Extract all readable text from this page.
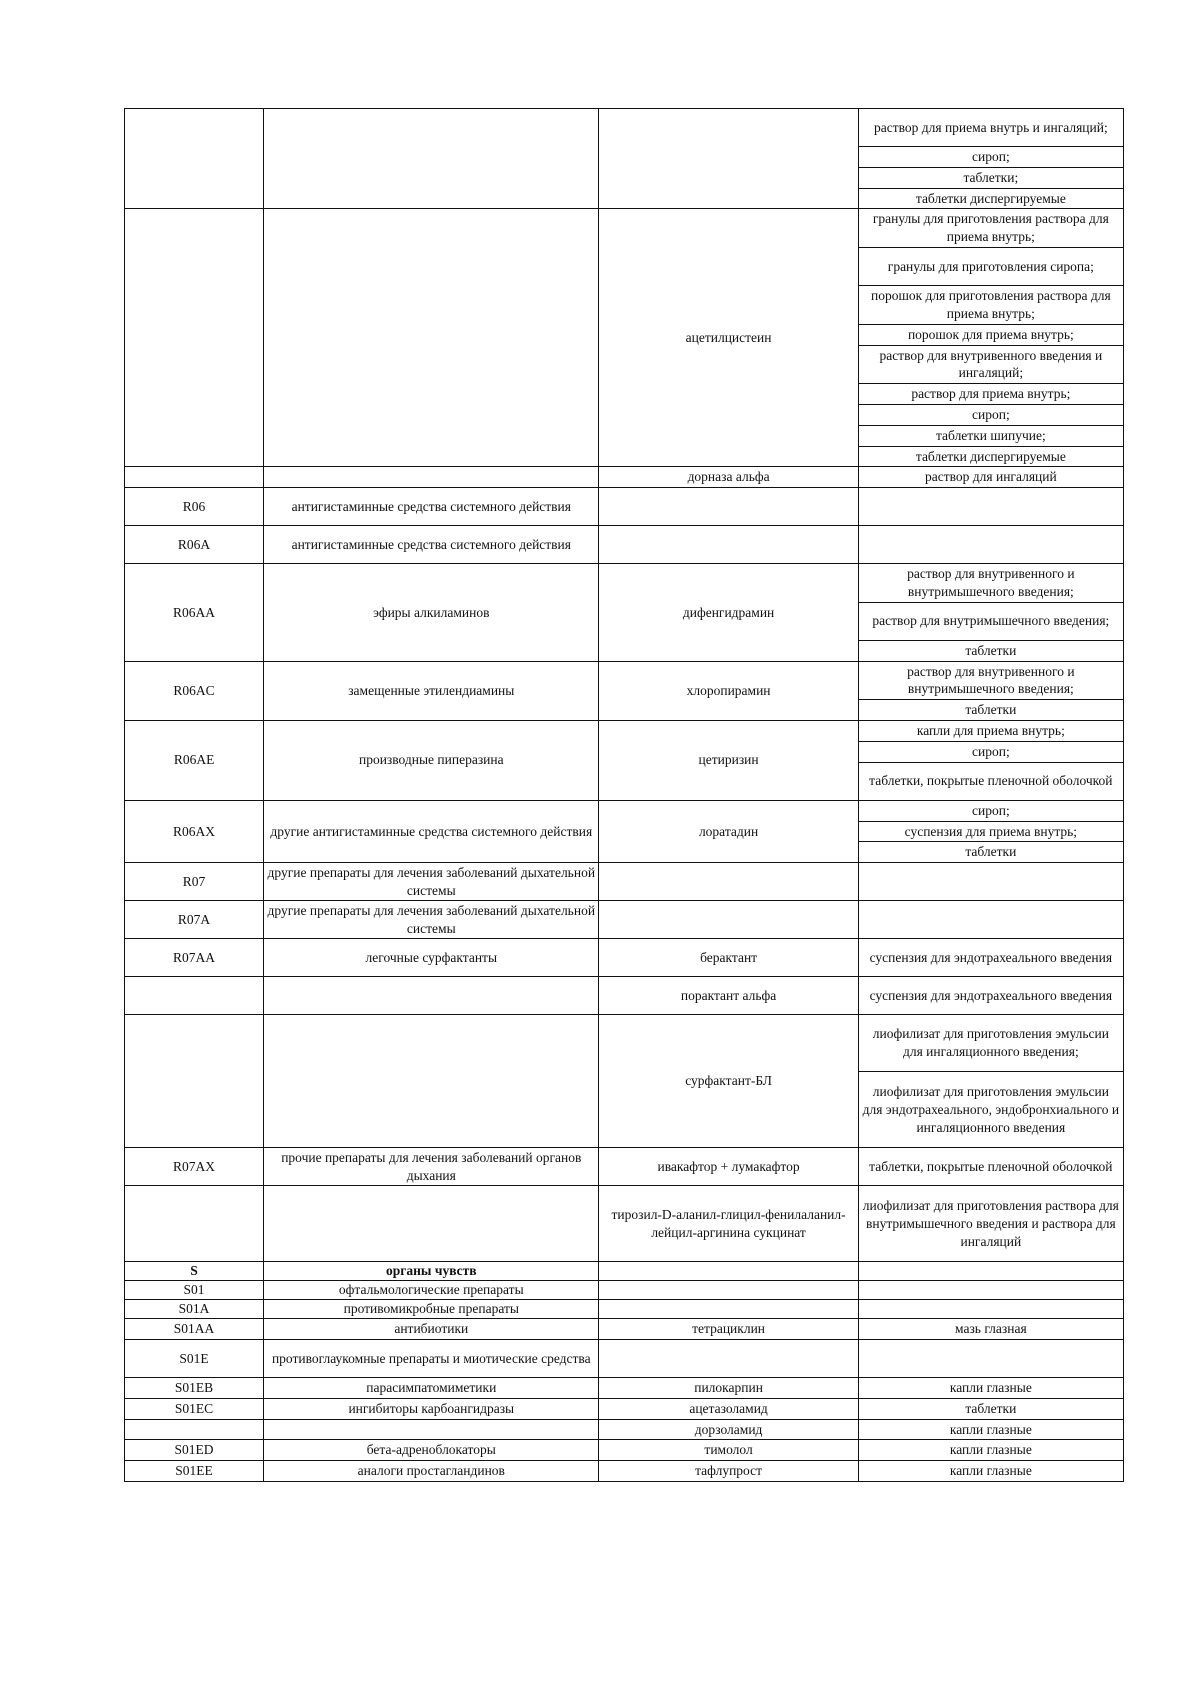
			раствор для приема внутрь и ингаляций;
			сироп;
			таблетки;
			таблетки диспергируемые
		ацетилцистеин	гранулы для приготовления раствора для приема внутрь;
			гранулы для приготовления сиропа;
			порошок для приготовления раствора для приема внутрь;
			порошок для приема внутрь;
			раствор для внутривенного введения и ингаляций;
			раствор для приема внутрь;
			сироп;
			таблетки шипучие;
			таблетки диспергируемые
		дорназа альфа	раствор для ингаляций
R06	антигистаминные средства системного действия		
R06A	антигистаминные средства системного действия		
R06AA	эфиры алкиламинов	дифенгидрамин	раствор для внутривенного и внутримышечного введения;
			раствор для внутримышечного введения;
			таблетки
R06AC	замещенные этилендиамины	хлоропирамин	раствор для внутривенного и внутримышечного введения;
			таблетки
R06AE	производные пиперазина	цетиризин	капли для приема внутрь;
			сироп;
			таблетки, покрытые пленочной оболочкой
R06AX	другие антигистаминные средства системного действия	лоратадин	сироп;
			суспензия для приема внутрь;
			таблетки
R07	другие препараты для лечения заболеваний дыхательной системы		
R07A	другие препараты для лечения заболеваний дыхательной системы		
R07AA	легочные сурфактанты	берактант	суспензия для эндотрахеального введения
		порактант альфа	суспензия для эндотрахеального введения
		сурфактант-БЛ	лиофилизат для приготовления эмульсии для ингаляционного введения;
			лиофилизат для приготовления эмульсии для эндотрахеального, эндобронхиального и ингаляционного введения
R07AX	прочие препараты для лечения заболеваний органов дыхания	ивакафтор + лумакафтор	таблетки, покрытые пленочной оболочкой
		тирозил-D-аланил-глицил-фенилаланил-лейцил-аргинина сукцинат	лиофилизат для приготовления раствора для внутримышечного введения и раствора для ингаляций
S	органы чувств		
S01	офтальмологические препараты		
S01A	противомикробные препараты		
S01AA	антибиотики	тетрациклин	мазь глазная
S01E	противоглаукомные препараты и миотические средства		
S01EB	парасимпатомиметики	пилокарпин	капли глазные
S01EC	ингибиторы карбоангидразы	ацетазоламид	таблетки
		дорзоламид	капли глазные
S01ED	бета-адреноблокаторы	тимолол	капли глазные
S01EE	аналоги простагландинов	тафлупрост	капли глазные
